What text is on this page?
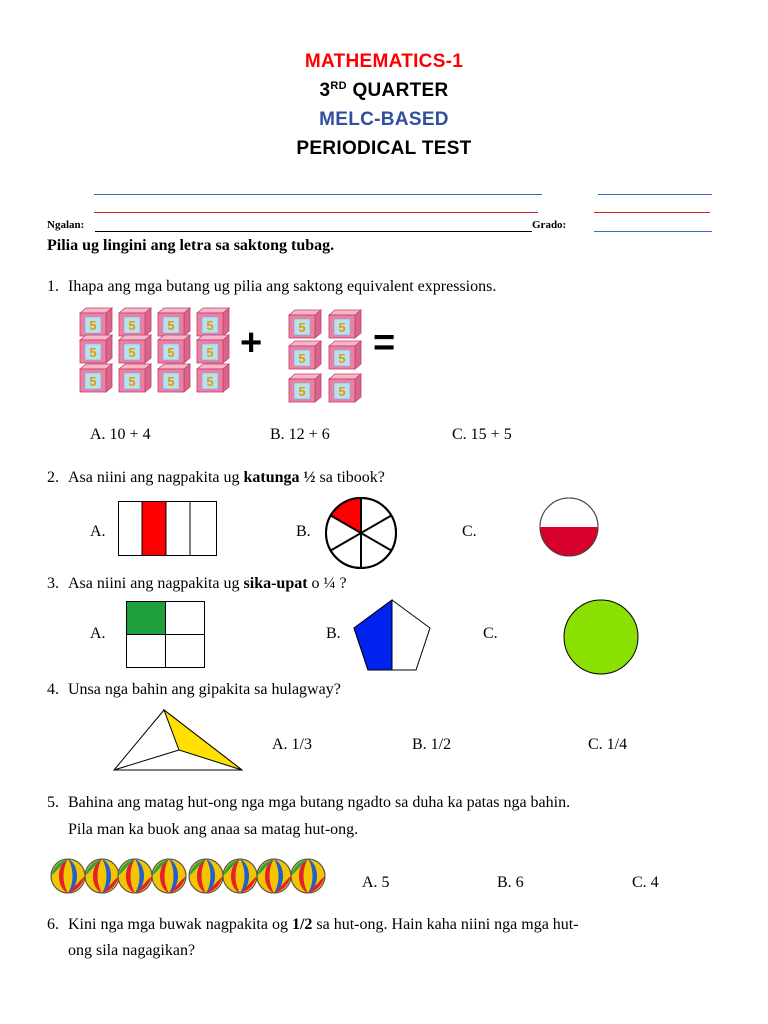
MATHEMATICS-1
3RD QUARTER
MELC-BASED
PERIODICAL TEST
Ngalan:	Grado:
Pilia ug lingini ang letra sa saktong tubag.
1. Ihapa ang mga butang ug pilia ang saktong equivalent expressions.
5 5 5 5
5 5 5 5
5 5 5 5
5	5
5	5
5	5
+	=
A. 10 + 4	B. 12 + 6	C. 15 + 5
2. Asa niini ang nagpakita ug katunga ½ sa tibook?
A.	B.	C.
3. Asa niini ang nagpakita ug sika-upat o ¼ ?
A.	B.	C.
4. Unsa nga bahin ang gipakita sa hulagway?
A. 1/3	B. 1/2	C. 1/4
5. Bahina ang matag hut-ong nga mga butang ngadto sa duha ka patas nga bahin.
Pila man ka buok ang anaa sa matag hut-ong.
A. 5	B. 6	C. 4
6. Kini nga mga buwak nagpakita og 1/2 sa hut-ong. Hain kaha niini nga mga hut-
ong sila nagagikan?
